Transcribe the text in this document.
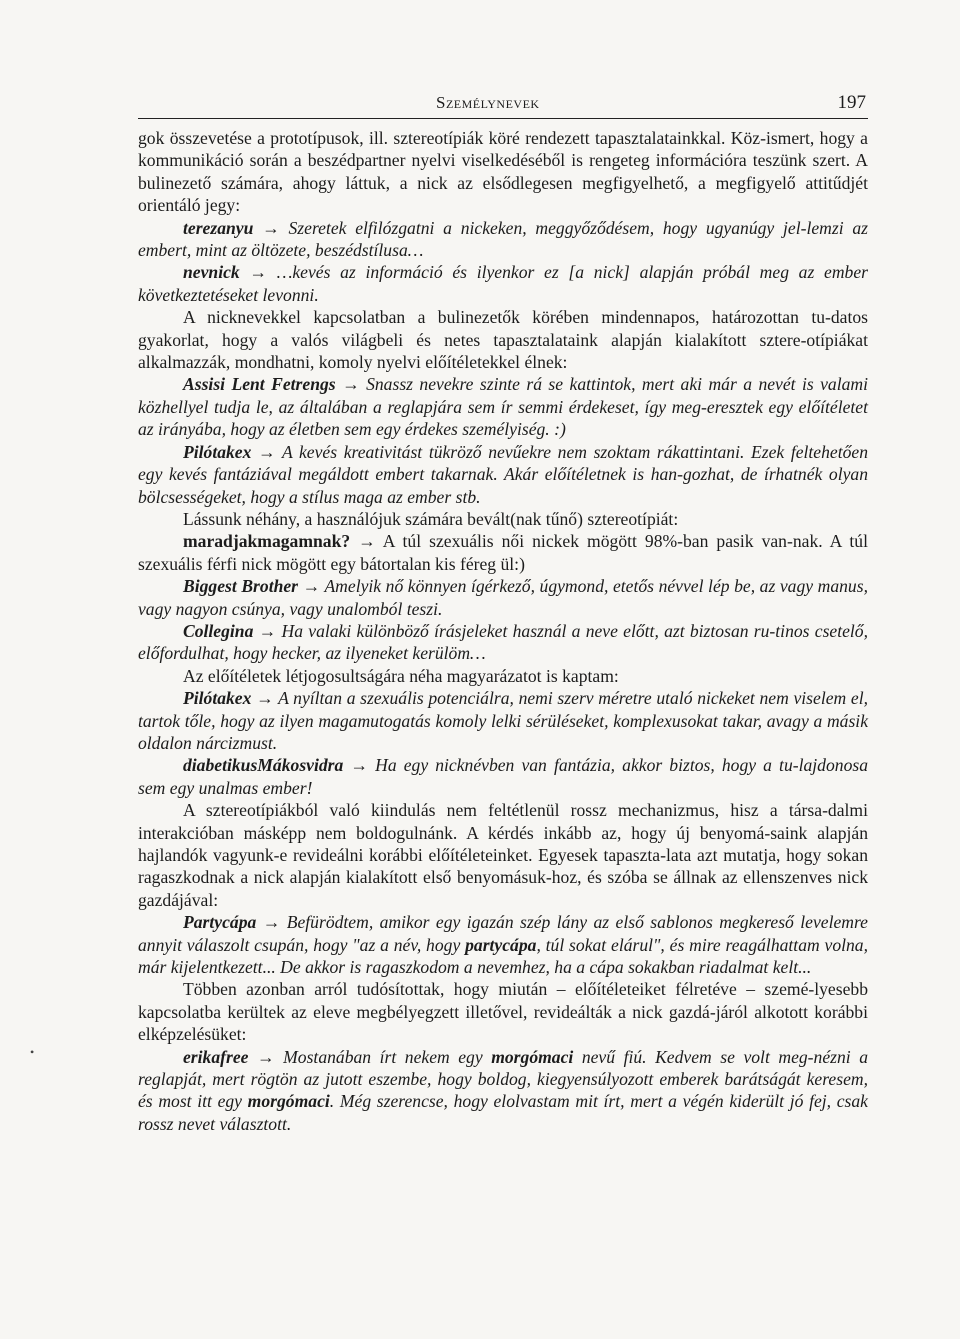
Személynevek	197

gok összevetése a prototípusok, ill. sztereotípiák köré rendezett tapasztalatainkkal. Köz-ismert, hogy a kommunikáció során a beszédpartner nyelvi viselkedéséből is rengeteg információra teszünk szert. A bulinezető számára, ahogy láttuk, a nick az elsődlegesen megfigyelhető, a megfigyelő attitűdjét orientáló jegy:

terezanyu → Szeretek elfilózgatni a nickeken, meggyőződésem, hogy ugyanúgy jel-lemzi az embert, mint az öltözete, beszédstílusa…

nevnick → …kevés az információ és ilyenkor ez [a nick] alapján próbál meg az ember következtetéseket levonni.

A nicknevekkel kapcsolatban a bulinezetők körében mindennapos, határozottan tu-datos gyakorlat, hogy a valós világbeli és netes tapasztalataink alapján kialakított sztere-otípiákat alkalmazzák, mondhatni, komoly nyelvi előítéletekkel élnek:

Assisi Lent Fetrengs → Snassz nevekre szinte rá se kattintok, mert aki már a nevét is valami közhellyel tudja le, az általában a reglapjára sem ír semmi érdekeset, így meg-eresztek egy előítéletet az irányába, hogy az életben sem egy érdekes személyiség. :)

Pilótakex → A kevés kreativitást tükröző nevűekre nem szoktam rákattintani. Ezek feltehetően egy kevés fantáziával megáldott embert takarnak. Akár előítéletnek is han-gozhat, de írhatnék olyan bölcsességeket, hogy a stílus maga az ember stb.

Lássunk néhány, a használójuk számára bevált(nak tűnő) sztereotípiát:

maradjakmagamnak? → A túl szexuális női nickek mögött 98%-ban pasik van-nak. A túl szexuális férfi nick mögött egy bátortalan kis féreg ül:)

Biggest Brother → Amelyik nő könnyen ígérkező, úgymond, etetős névvel lép be, az vagy manus, vagy nagyon csúnya, vagy unalomból teszi.

Collegina → Ha valaki különböző írásjeleket használ a neve előtt, azt biztosan ru-tinos csetelő, előfordulhat, hogy hecker, az ilyeneket kerülöm…

Az előítéletek létjogosultságára néha magyarázatot is kaptam:

Pilótakex → A nyíltan a szexuális potenciálra, nemi szerv méretre utaló nickeket nem viselem el, tartok tőle, hogy az ilyen magamutogatás komoly lelki sérüléseket, komplexusokat takar, avagy a másik oldalon nárcizmust.

diabetikusMákosvidra → Ha egy nicknévben van fantázia, akkor biztos, hogy a tu-lajdonosa sem egy unalmas ember!

A sztereotípiákból való kiindulás nem feltétlenül rossz mechanizmus, hisz a társa-dalmi interakcióban másképp nem boldogulnánk. A kérdés inkább az, hogy új benyomá-saink alapján hajlandók vagyunk-e revideálni korábbi előítéleteinket. Egyesek tapaszta-lata azt mutatja, hogy sokan ragaszkodnak a nick alapján kialakított első benyomásuk-hoz, és szóba se állnak az ellenszenves nick gazdájával:

Partycápa → Befürödtem, amikor egy igazán szép lány az első sablonos megkereső levelemre annyit válaszolt csupán, hogy "az a név, hogy partycápa, túl sokat elárul", és mire reagálhattam volna, már kijelentkezett... De akkor is ragaszkodom a nevemhez, ha a cápa sokakban riadalmat kelt...

Többen azonban arról tudósítottak, hogy miután – előítéleteiket félretéve – szemé-lyesebb kapcsolatba kerültek az eleve megbélyegzett illetővel, revideálták a nick gazdá-járól alkotott korábbi elképzelésüket:

erikafree → Mostanában írt nekem egy morgómaci nevű fiú. Kedvem se volt meg-nézni a reglapját, mert rögtön az jutott eszembe, hogy boldog, kiegyensúlyozott emberek barátságát keresem, és most itt egy morgómaci. Még szerencse, hogy elolvastam mit írt, mert a végén kiderült jó fej, csak rossz nevet választott.

•
